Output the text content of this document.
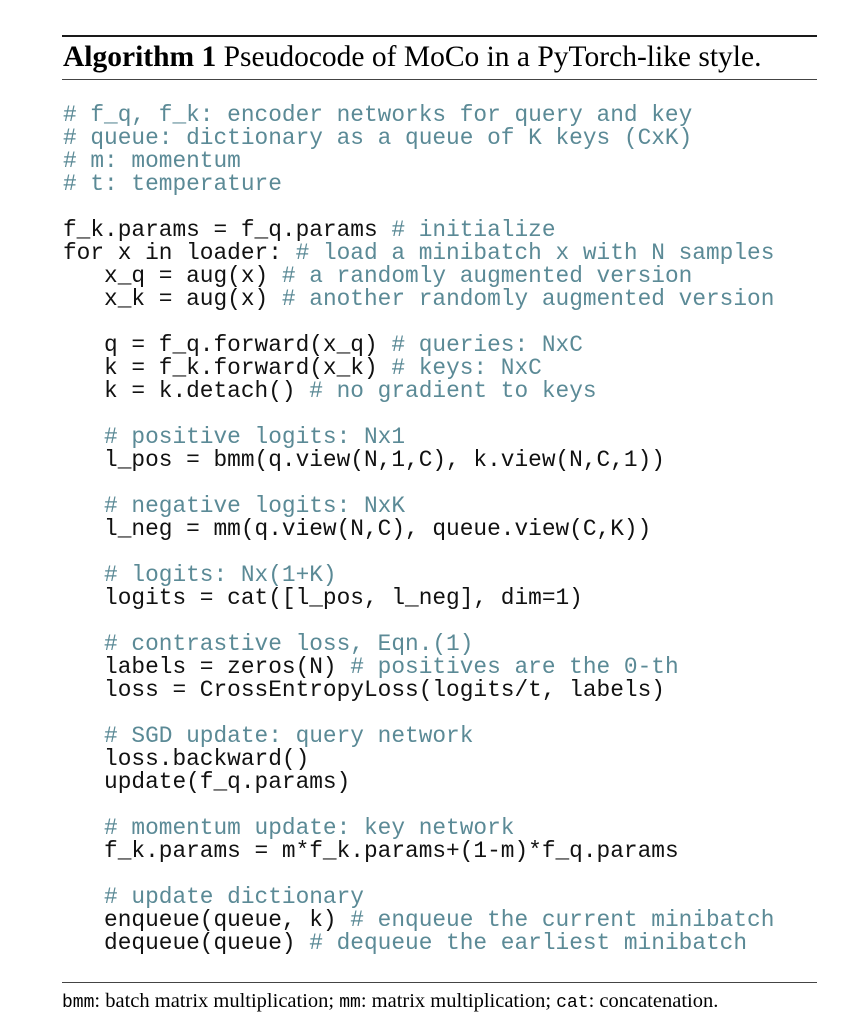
Algorithm 1 Pseudocode of MoCo in a PyTorch-like style.
# f_q, f_k: encoder networks for query and key
# queue: dictionary as a queue of K keys (CxK)
# m: momentum
# t: temperature
f_k.params = f_q.params # initialize
for x in loader: # load a minibatch x with N samples
x_q = aug(x) # a randomly augmented version
x_k = aug(x) # another randomly augmented version
q = f_q.forward(x_q) # queries: NxC
k = f_k.forward(x_k) # keys: NxC
k = k.detach() # no gradient to keys
# positive logits: Nx1
l_pos = bmm(q.view(N,1,C), k.view(N,C,1))
# negative logits: NxK
l_neg = mm(q.view(N,C), queue.view(C,K))
# logits: Nx(1+K)
logits = cat([l_pos, l_neg], dim=1)
# contrastive loss, Eqn.(1)
labels = zeros(N) # positives are the 0-th
loss = CrossEntropyLoss(logits/t, labels)
# SGD update: query network
loss.backward()
update(f_q.params)
# momentum update: key network
f_k.params = m*f_k.params+(1-m)*f_q.params
# update dictionary
enqueue(queue, k) # enqueue the current minibatch
dequeue(queue) # dequeue the earliest minibatch
bmm: batch matrix multiplication; mm: matrix multiplication; cat: concatenation.
